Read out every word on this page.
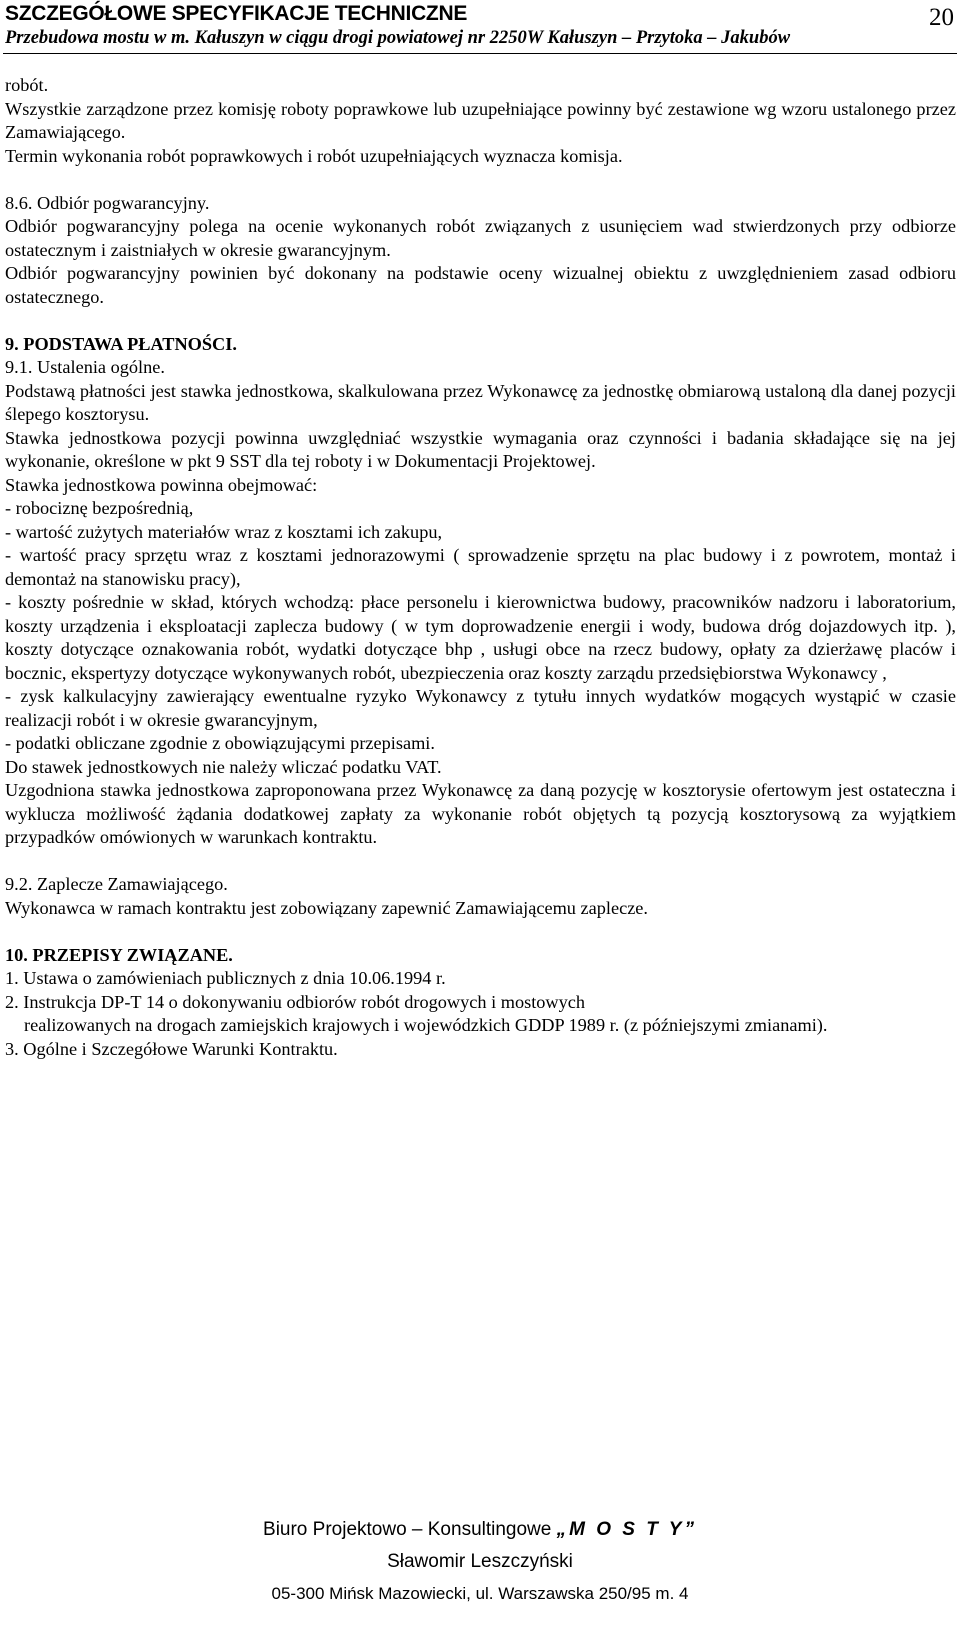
SZCZEGÓŁOWE SPECYFIKACJE TECHNICZNE	20
Przebudowa mostu w m. Kałuszyn w ciągu drogi powiatowej nr 2250W Kałuszyn – Przytoka – Jakubów

robót.

Wszystkie zarządzone przez komisję roboty poprawkowe lub uzupełniające powinny być zestawione wg wzoru ustalonego przez Zamawiającego.

Termin wykonania robót poprawkowych i robót uzupełniających wyznacza komisja.

8.6. Odbiór pogwarancyjny.

Odbiór pogwarancyjny polega na ocenie wykonanych robót związanych z usunięciem wad stwierdzonych przy odbiorze ostatecznym i zaistniałych w okresie gwarancyjnym.

Odbiór pogwarancyjny powinien być dokonany na podstawie oceny wizualnej obiektu z uwzględnieniem zasad odbioru ostatecznego.

9. PODSTAWA PŁATNOŚCI.

9.1. Ustalenia ogólne.

Podstawą płatności jest stawka jednostkowa, skalkulowana przez Wykonawcę za jednostkę obmiarową ustaloną dla danej pozycji ślepego kosztorysu.

Stawka jednostkowa pozycji powinna uwzględniać wszystkie wymagania oraz czynności i badania składające się na jej wykonanie, określone w pkt 9 SST dla tej roboty i w Dokumentacji Projektowej.

Stawka jednostkowa powinna obejmować:

- robociznę bezpośrednią,

- wartość zużytych materiałów wraz z kosztami ich zakupu,

- wartość pracy sprzętu wraz z kosztami jednorazowymi ( sprowadzenie sprzętu na plac budowy i z powrotem, montaż i demontaż na stanowisku pracy),

- koszty pośrednie w skład, których wchodzą: płace personelu i kierownictwa budowy, pracowników nadzoru i laboratorium, koszty urządzenia i eksploatacji zaplecza budowy ( w tym doprowadzenie energii i wody, budowa dróg dojazdowych itp. ), koszty dotyczące oznakowania robót, wydatki dotyczące bhp , usługi obce na rzecz budowy, opłaty za dzierżawę placów i bocznic, ekspertyzy dotyczące wykonywanych robót, ubezpieczenia oraz koszty zarządu przedsiębiorstwa Wykonawcy ,

- zysk kalkulacyjny zawierający ewentualne ryzyko Wykonawcy z tytułu innych wydatków mogących wystąpić w czasie realizacji robót i w okresie gwarancyjnym,

- podatki obliczane zgodnie z obowiązującymi przepisami.

Do stawek jednostkowych nie należy wliczać podatku VAT.

Uzgodniona stawka jednostkowa zaproponowana przez Wykonawcę za daną pozycję w kosztorysie ofertowym jest ostateczna i wyklucza możliwość żądania dodatkowej zapłaty za wykonanie robót objętych tą pozycją kosztorysową za wyjątkiem przypadków omówionych w warunkach kontraktu.

9.2. Zaplecze Zamawiającego.

Wykonawca w ramach kontraktu jest zobowiązany zapewnić Zamawiającemu zaplecze.

10. PRZEPISY ZWIĄZANE.

1. Ustawa o zamówieniach publicznych z dnia 10.06.1994 r.

2. Instrukcja DP-T 14 o dokonywaniu odbiorów robót drogowych i mostowych

realizowanych na drogach zamiejskich krajowych i wojewódzkich GDDP 1989 r. (z późniejszymi zmianami).

3. Ogólne i Szczegółowe Warunki Kontraktu.

Biuro Projektowo – Konsultingowe „M O S T Y”
Sławomir Leszczyński
05-300 Mińsk Mazowiecki, ul. Warszawska 250/95 m. 4
